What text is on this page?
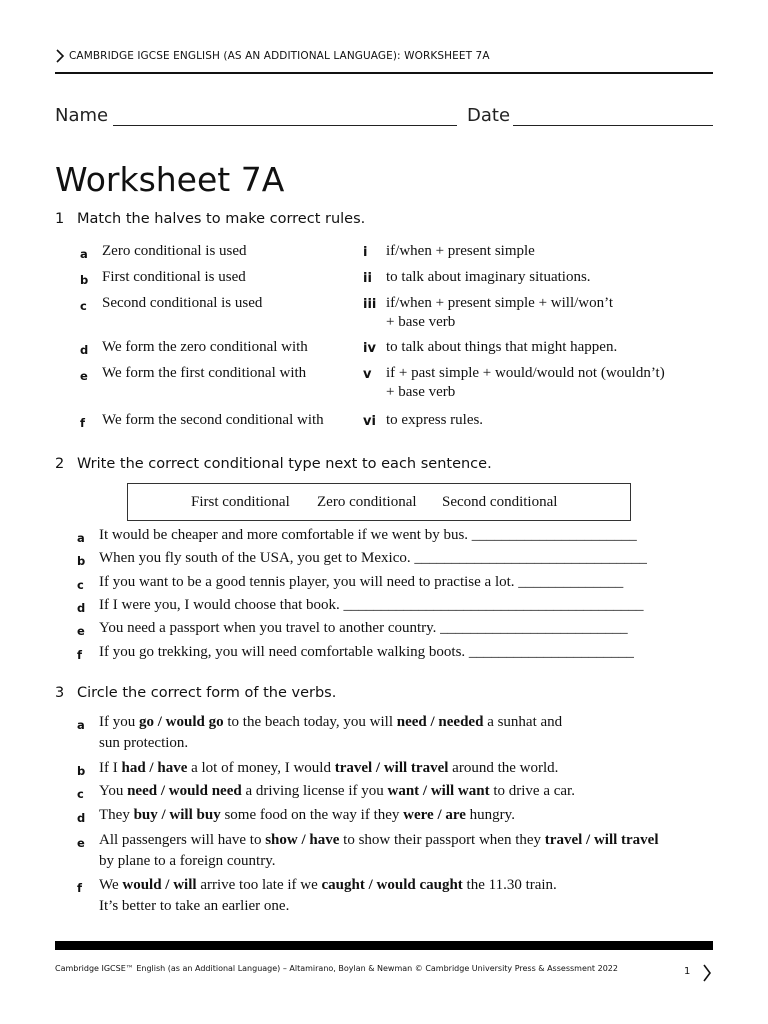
CAMBRIDGE IGCSE ENGLISH (AS AN ADDITIONAL LANGUAGE): WORKSHEET 7A
Name	Date
Worksheet 7A
1 Match the halves to make correct rules.
a Zero conditional is used
b First conditional is used
c Second conditional is used
d We form the zero conditional with
e We form the first conditional with
f We form the second conditional with
i if/when + present simple
ii to talk about imaginary situations.
iii if/when + present simple + will/won’t
+ base verb
iv to talk about things that might happen.
v if + past simple + would/would not (wouldn’t)
+ base verb
vi to express rules.
2 Write the correct conditional type next to each sentence.
First conditional Zero conditional Second conditional
a It would be cheaper and more comfortable if we went by bus. ______________________
b When you fly south of the USA, you get to Mexico. _______________________________
c If you want to be a good tennis player, you will need to practise a lot. ______________
d If I were you, I would choose that book. ________________________________________
e You need a passport when you travel to another country. _________________________
f If you go trekking, you will need comfortable walking boots. ______________________
3 Circle the correct form of the verbs.
a If you go / would go to the beach today, you will need / needed a sunhat and
sun protection.
b If I had / have a lot of money, I would travel / will travel around the world.
c You need / would need a driving license if you want / will want to drive a car.
d They buy / will buy some food on the way if they were / are hungry.
e All passengers will have to show / have to show their passport when they travel / will travel
by plane to a foreign country.
f We would / will arrive too late if we caught / would caught the 11.30 train.
It’s better to take an earlier one.
Cambridge IGCSE™ English (as an Additional Language) – Altamirano, Boylan & Newman © Cambridge University Press & Assessment 2022	1
